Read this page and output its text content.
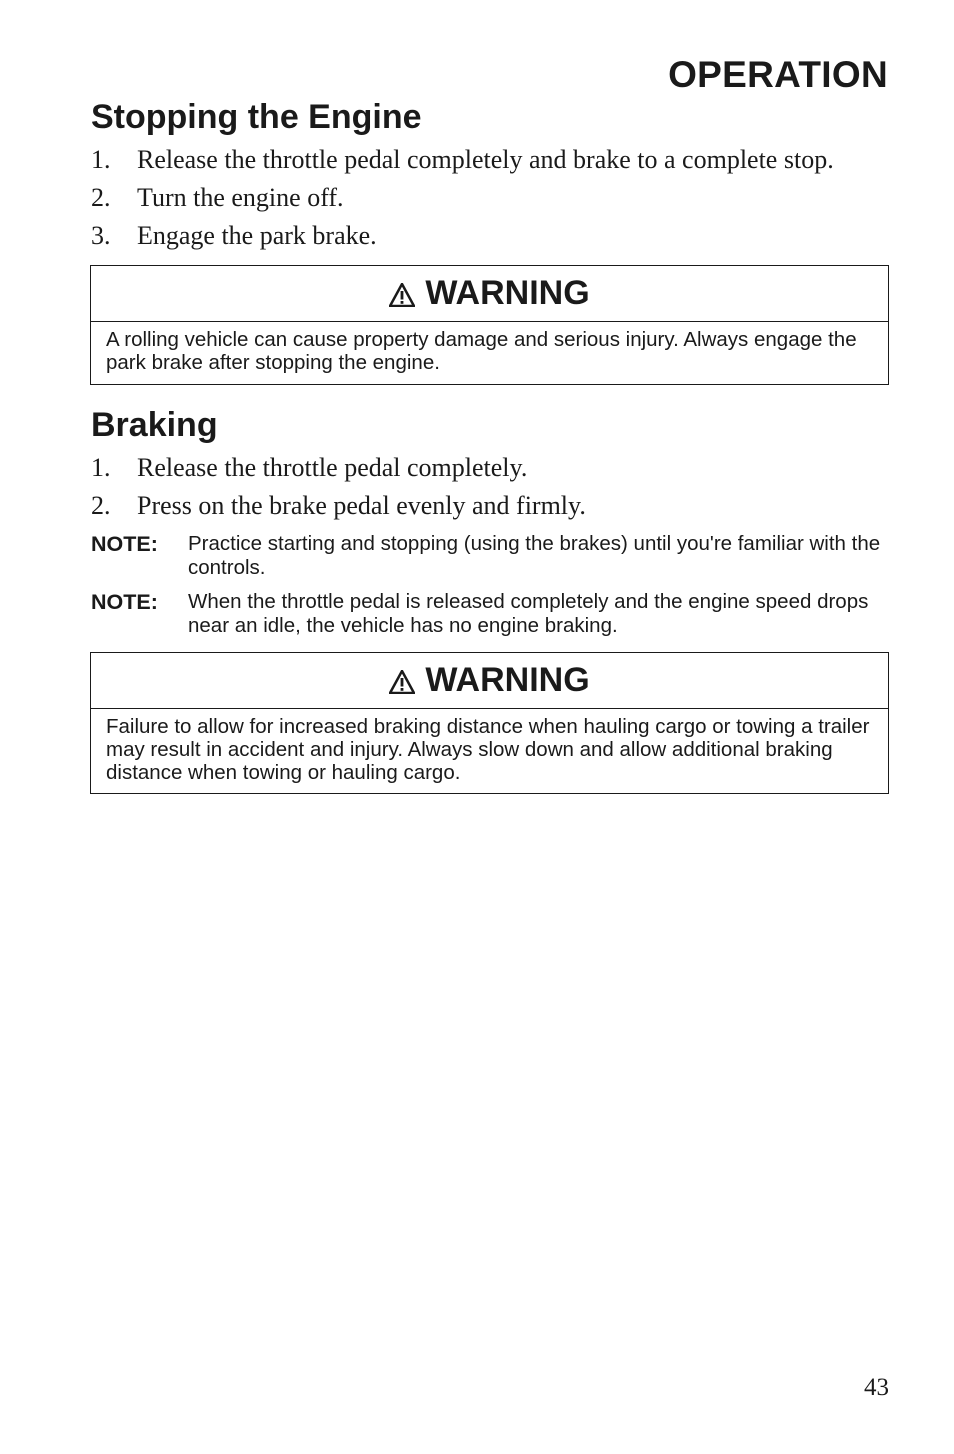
OPERATION
Stopping the Engine
1.	Release the throttle pedal completely and brake to a complete stop.
2.	Turn the engine off.
3.	Engage the park brake.
WARNING
A rolling vehicle can cause property damage and serious injury. Always engage the park brake after stopping the engine.
Braking
1.	Release the throttle pedal completely.
2.	Press on the brake pedal evenly and firmly.
NOTE:	Practice starting and stopping (using the brakes) until you're familiar with the controls.
NOTE:	When the throttle pedal is released completely and the engine speed drops near an idle, the vehicle has no engine braking.
WARNING
Failure to allow for increased braking distance when hauling cargo or towing a trailer may result in accident and injury. Always slow down and allow additional braking distance when towing or hauling cargo.
43
